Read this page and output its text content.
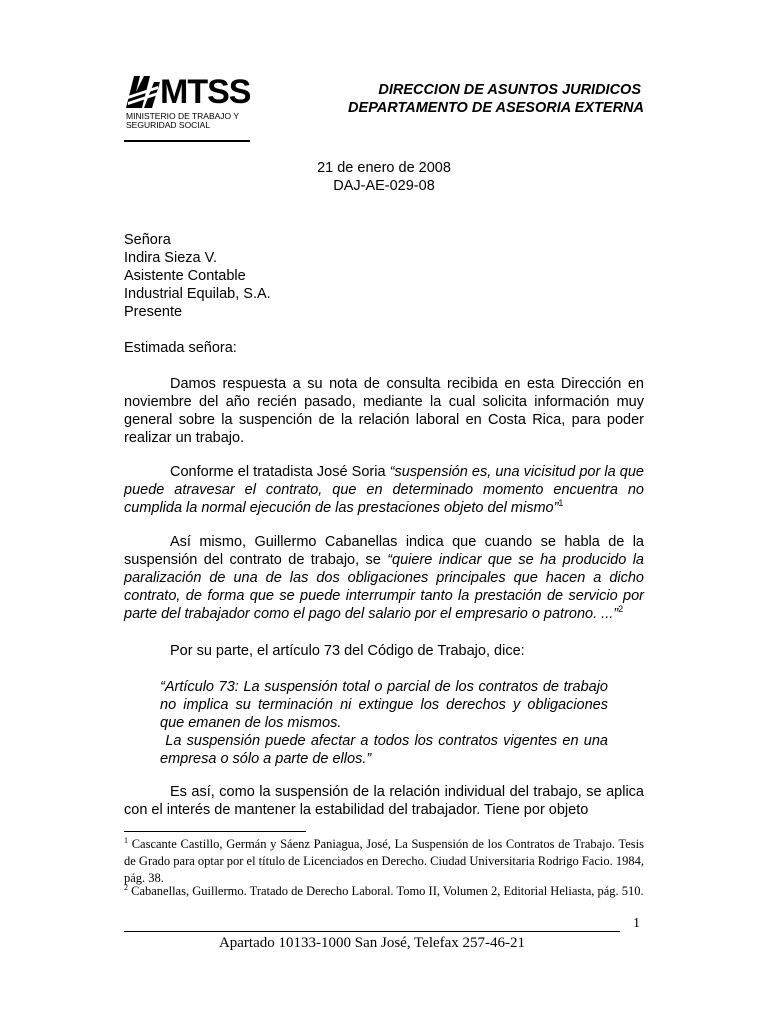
MTSS
MINISTERIO DE TRABAJO Y
SEGURIDAD SOCIAL
DIRECCION DE ASUNTOS JURIDICOS
DEPARTAMENTO DE ASESORIA EXTERNA
21 de enero de 2008
DAJ-AE-029-08
Señora
Indira Sieza V.
Asistente Contable
Industrial Equilab, S.A.
Presente
Estimada señora:
Damos respuesta a su nota de consulta recibida en esta Dirección en noviembre del año recién pasado, mediante la cual solicita información muy general sobre la suspención de la relación laboral en Costa Rica, para poder realizar un trabajo.
Conforme el tratadista José Soria “suspensión es, una vicisitud por la que puede atravesar el contrato, que en determinado momento encuentra no cumplida la normal ejecución de las prestaciones objeto del mismo”$^1$
Así mismo, Guillermo Cabanellas indica que cuando se habla de la suspensión del contrato de trabajo, se “quiere indicar que se ha producido la paralización de una de las dos obligaciones principales que hacen a dicho contrato, de forma que se puede interrumpir tanto la prestación de servicio por parte del trabajador como el pago del salario por el empresario o patrono. ...”$^2$
Por su parte, el artículo 73 del Código de Trabajo, dice:
“Artículo 73: La suspensión total o parcial de los contratos de trabajo no implica su terminación ni extingue los derechos y obligaciones que emanen de los mismos.
La suspensión puede afectar a todos los contratos vigentes en una empresa o sólo a parte de ellos.”
Es así, como la suspensión de la relación individual del trabajo, se aplica con el interés de mantener la estabilidad del trabajador. Tiene por objeto
$^1$ Cascante Castillo, Germán y Sáenz Paniagua, José, La Suspensión de los Contratos de Trabajo. Tesis de Grado para optar por el título de Licenciados en Derecho. Ciudad Universitaria Rodrigo Facio. 1984, pág. 38.
$^2$ Cabanellas, Guillermo. Tratado de Derecho Laboral. Tomo II, Volumen 2, Editorial Heliasta, pág. 510.
1
Apartado 10133-1000 San José, Telefax 257-46-21
